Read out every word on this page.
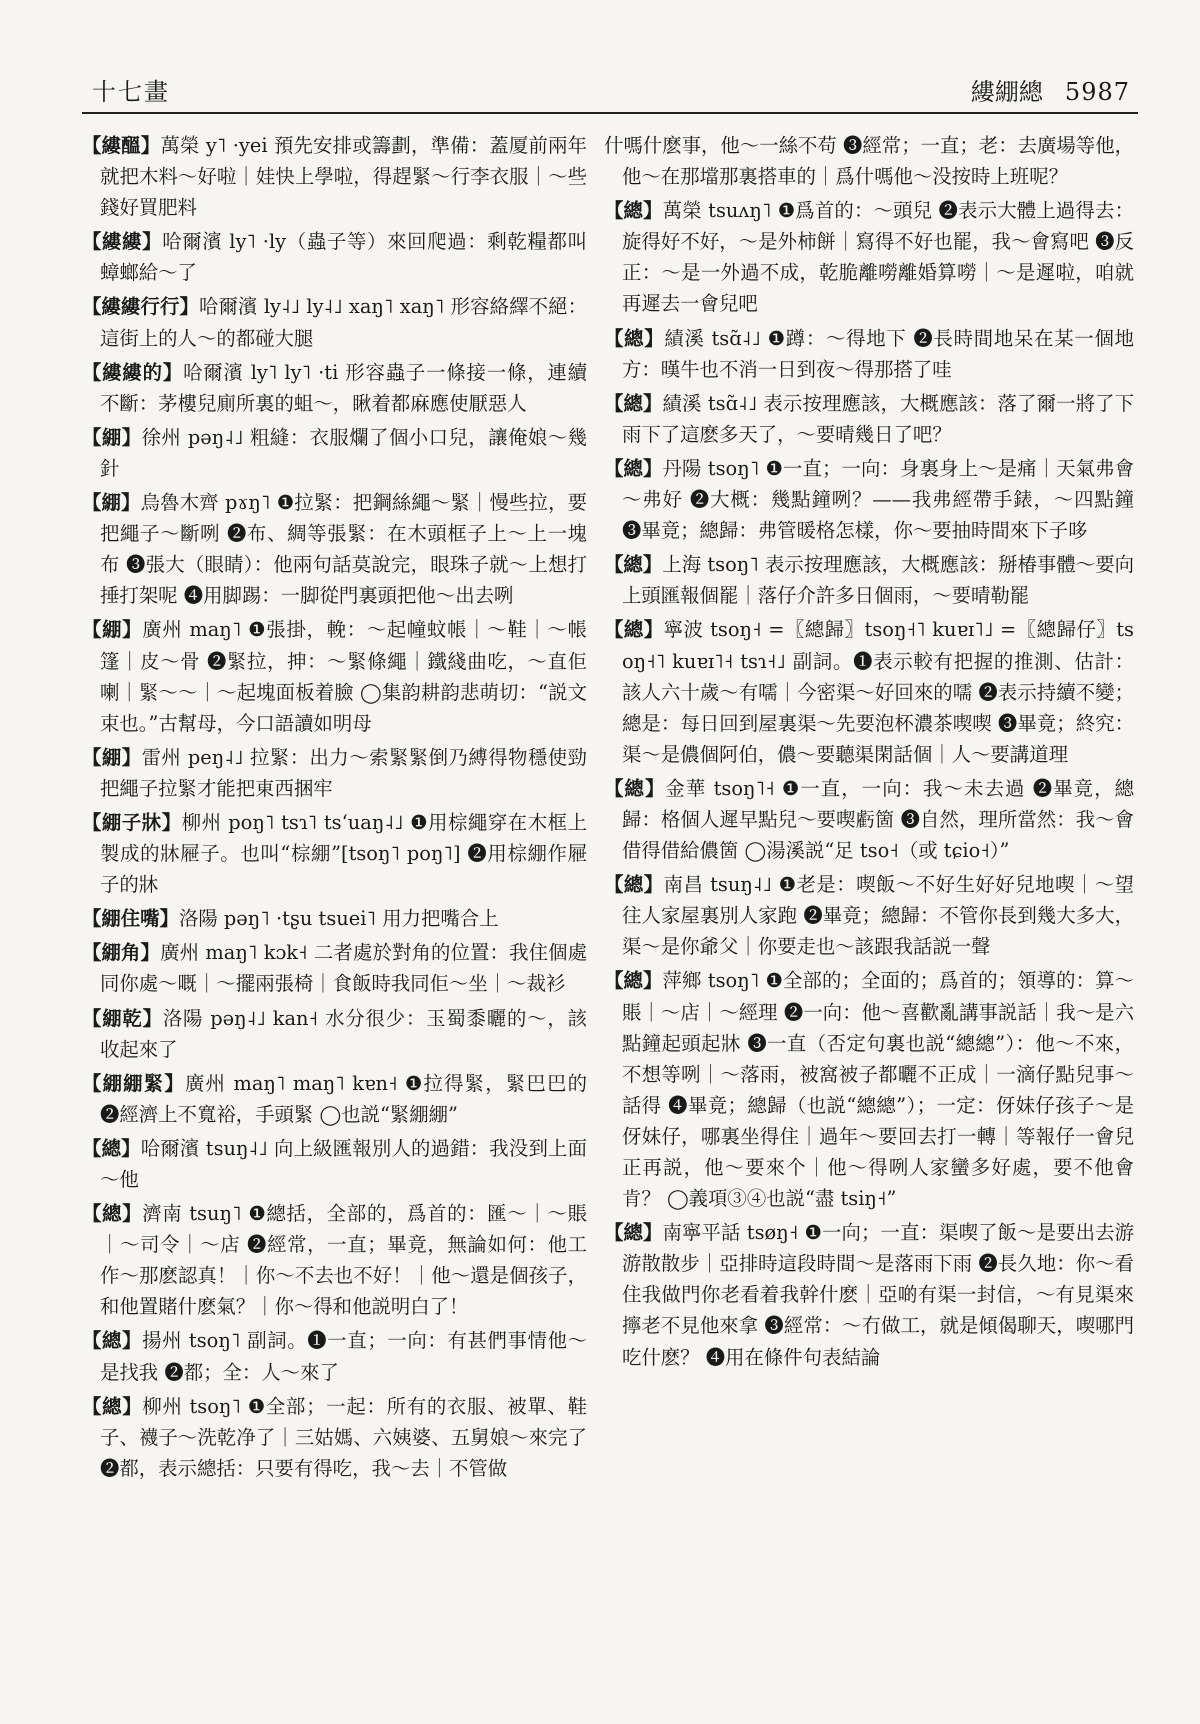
十七畫	縷綳總 5987

【縷醞】萬榮 y˥ ·yei 預先安排或籌劃，準備：蓋厦前兩年就把木料～好啦｜娃快上學啦，得趕緊～行李衣服｜～些錢好買肥料

【縷縷】哈爾濱 ly˥ ·ly（蟲子等）來回爬過：剩乾糧都叫蟑螂給～了

【縷縷行行】哈爾濱 ly˨˩ ly˨˩ xaŋ˥ xaŋ˥ 形容絡繹不絕：這街上的人～的都碰大腿

【縷縷的】哈爾濱 ly˥ ly˥ ·ti 形容蟲子一條接一條，連續不斷：茅樓兒廁所裏的蛆～，瞅着都麻應使厭惡人

【綳】徐州 pəŋ˨˩ 粗縫：衣服爛了個小口兒，讓俺娘～幾針

【綳】烏魯木齊 pɤŋ˥ ❶拉緊：把鋼絲繩～緊｜慢些拉，要把繩子～斷咧 ❷布、綢等張緊：在木頭框子上～上一塊布 ❸張大（眼睛）：他兩句話莫說完，眼珠子就～上想打捶打架呢 ❹用脚踢：一脚從門裏頭把他～出去咧

【綳】廣州 maŋ˥ ❶張掛，輓：～起幢蚊帳｜～鞋｜～帳篷｜皮～骨 ❷緊拉，抻：～緊條繩｜鐵綫曲吃，～直佢喇｜緊～～｜～起塊面板着臉 ◯集韵耕韵悲萌切：“説文束也。”古幫母，今口語讀如明母

【綳】雷州 peŋ˨˩ 拉緊：出力～索緊緊倒乃縛得物穩使勁把繩子拉緊才能把東西捆牢

【綳子牀】柳州 poŋ˥ tsɿ˥ tsʻuaŋ˨˩ ❶用棕繩穿在木框上製成的牀屜子。也叫“棕綳”[tsoŋ˥ poŋ˥] ❷用棕綳作屜子的牀

【綳住嘴】洛陽 pəŋ˥ ·tʂu tsuei˥ 用力把嘴合上

【綳角】廣州 maŋ˥ kɔk˧ 二者處於對角的位置：我住個處同你處～嘅｜～擺兩張椅｜食飯時我同佢～坐｜～裁衫

【綳乾】洛陽 pəŋ˨˩ kan˧ 水分很少：玉蜀黍曬的～，該收起來了

【綳綳緊】廣州 maŋ˥ maŋ˥ kɐn˧ ❶拉得緊，緊巴巴的 ❷經濟上不寬裕，手頭緊 ◯也説“緊綳綳”

【總】哈爾濱 tsuŋ˨˩ 向上級匯報別人的過錯：我没到上面～他

【總】濟南 tsuŋ˥ ❶總括，全部的，爲首的：匯～｜～賬｜～司令｜～店 ❷經常，一直；畢竟，無論如何：他工作～那麽認真！｜你～不去也不好！｜他～還是個孩子，和他置賭什麽氣？｜你～得和他説明白了！

【總】揚州 tsoŋ˥ 副詞。❶一直；一向：有甚們事情他～是找我 ❷都；全：人～來了

【總】柳州 tsoŋ˥ ❶全部；一起：所有的衣服、被單、鞋子、襪子～洗乾净了｜三姑媽、六姨婆、五舅娘～來完了 ❷都，表示總括：只要有得吃，我～去｜不管做

什嗎什麽事，他～一絲不苟 ❸經常；一直；老：去廣場等他，他～在那壋那裏搭車的｜爲什嗎他～没按時上班呢？

【總】萬榮 tsuʌŋ˥ ❶爲首的：～頭兒 ❷表示大體上過得去：旋得好不好，～是外柿餅｜寫得不好也罷，我～會寫吧 ❸反正：～是一外過不成，乾脆離嘮離婚算嘮｜～是遲啦，咱就再遲去一會兒吧

【總】績溪 tsɑ̃˨˩ ❶蹲：～得地下 ❷長時間地呆在某一個地方：暵牛也不消一日到夜～得那搭了哇

【總】績溪 tsɑ̃˨˩ 表示按理應該，大概應該：落了爾一將了下雨下了這麽多天了，～要晴幾日了吧？

【總】丹陽 tsoŋ˥ ❶一直；一向：身裏身上～是痛｜天氣弗會～弗好 ❷大概：幾點鐘咧？——我弗經帶手錶，～四點鐘 ❸畢竟；總歸：弗管暖格怎樣，你～要抽時間來下子哆

【總】上海 tsoŋ˥ 表示按理應該，大概應該：掰椿事體～要向上頭匯報個罷｜落仔介許多日個雨，～要晴勒罷

【總】寧波 tsoŋ˧ =〖總歸〗tsoŋ˧˥ kuɐɪ˥˩ =〖總歸仔〗tsoŋ˧˥ kuɐɪ˥˧ tsɿ˧˩ 副詞。❶表示較有把握的推測、估計：該人六十歲～有嚅｜今密渠～好回來的嚅 ❷表示持續不變；總是：每日回到屋裏渠～先要泡杯濃茶喫喫 ❸畢竟；終究：渠～是儂個阿伯，儂～要聽渠閑話個｜人～要講道理

【總】金華 tsoŋ˥˧ ❶一直，一向：我～未去過 ❷畢竟，總歸：格個人遲早點兒～要喫虧箇 ❸自然，理所當然：我～會借得借給儂箇 ◯湯溪説“足 tso˧（或 tɕio˧）”

【總】南昌 tsuŋ˨˩ ❶老是：喫飯～不好生好好兒地喫｜～望往人家屋裏別人家跑 ❷畢竟；總歸：不管你長到幾大多大，渠～是你爺父｜你要走也～該跟我話説一聲

【總】萍鄉 tsoŋ˥ ❶全部的；全面的；爲首的；領導的：算～賬｜～店｜～經理 ❷一向：他～喜歡亂講事説話｜我～是六點鐘起頭起牀 ❸一直（否定句裏也説“總總”）：他～不來，不想等咧｜～落雨，被窩被子都曬不正成｜一滴仔點兒事～話得 ❹畢竟；總歸（也説“總總”）；一定：伢妹仔孩子～是伢妹仔，哪裏坐得住｜過年～要回去打一轉｜等報仔一會兒正再説，他～要來个｜他～得咧人家蠻多好處，要不他會肯？ ◯義項③④也説“盡 tsiŋ˧”

【總】南寧平話 tsøŋ˧ ❶一向；一直：渠喫了飯～是要出去游游散散步｜亞排時這段時間～是落雨下雨 ❷長久地：你～看住我做門你老看着我幹什麽｜亞啲有渠一封信，～有見渠來擰老不見他來拿 ❸經常：～冇做工，就是傾偈聊天，喫哪門吃什麽？ ❹用在條件句表結論
